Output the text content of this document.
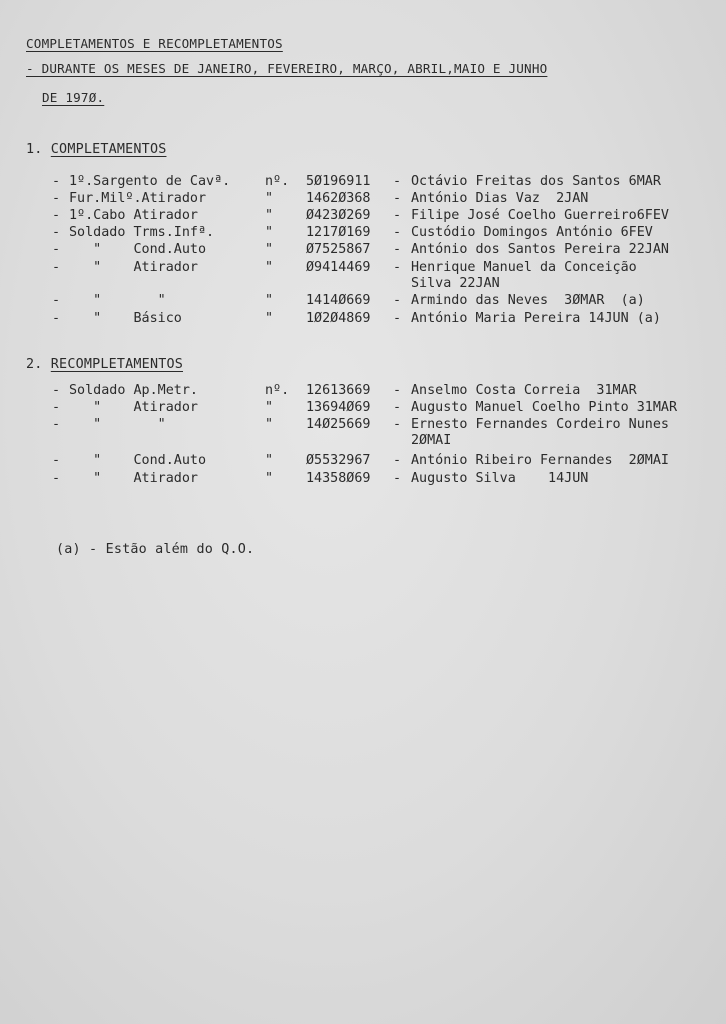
COMPLETAMENTOS E RECOMPLETAMENTOS
- DURANTE OS MESES DE JANEIRO, FEVEREIRO, MARÇO, ABRIL,MAIO E JUNHO
DE 197Ø.
1. COMPLETAMENTOS
- 1º.Sargento de Cavª.	nº. 5Ø196911 - Octávio Freitas dos Santos 6MAR
- Fur.Milº.Atirador	" 1462Ø368 - António Dias Vaz  2JAN
- 1º.Cabo Atirador	" Ø423Ø269 - Filipe José Coelho Guerreiro6FEV
- Soldado Trms.Infª.	" 1217Ø169 - Custódio Domingos António 6FEV
- "    Cond.Auto	" Ø7525867 - António dos Santos Pereira 22JAN
- "    Atirador	" Ø9414469 - Henrique Manuel da Conceição
Silva 22JAN
- "       "	" 1414Ø669 - Armindo das Neves  3ØMAR  (a)
- "    Básico	" 1Ø2Ø4869 - António Maria Pereira 14JUN (a)
2. RECOMPLETAMENTOS
- Soldado Ap.Metr.	nº. 12613669 - Anselmo Costa Correia  31MAR
- "    Atirador	" 13694Ø69 - Augusto Manuel Coelho Pinto 31MAR
- "       "	" 14Ø25669 - Ernesto Fernandes Cordeiro Nunes
2ØMAI
- "    Cond.Auto	" Ø5532967 - António Ribeiro Fernandes  2ØMAI
- "    Atirador	" 14358Ø69 - Augusto Silva    14JUN
(a) - Estão além do Q.O.
